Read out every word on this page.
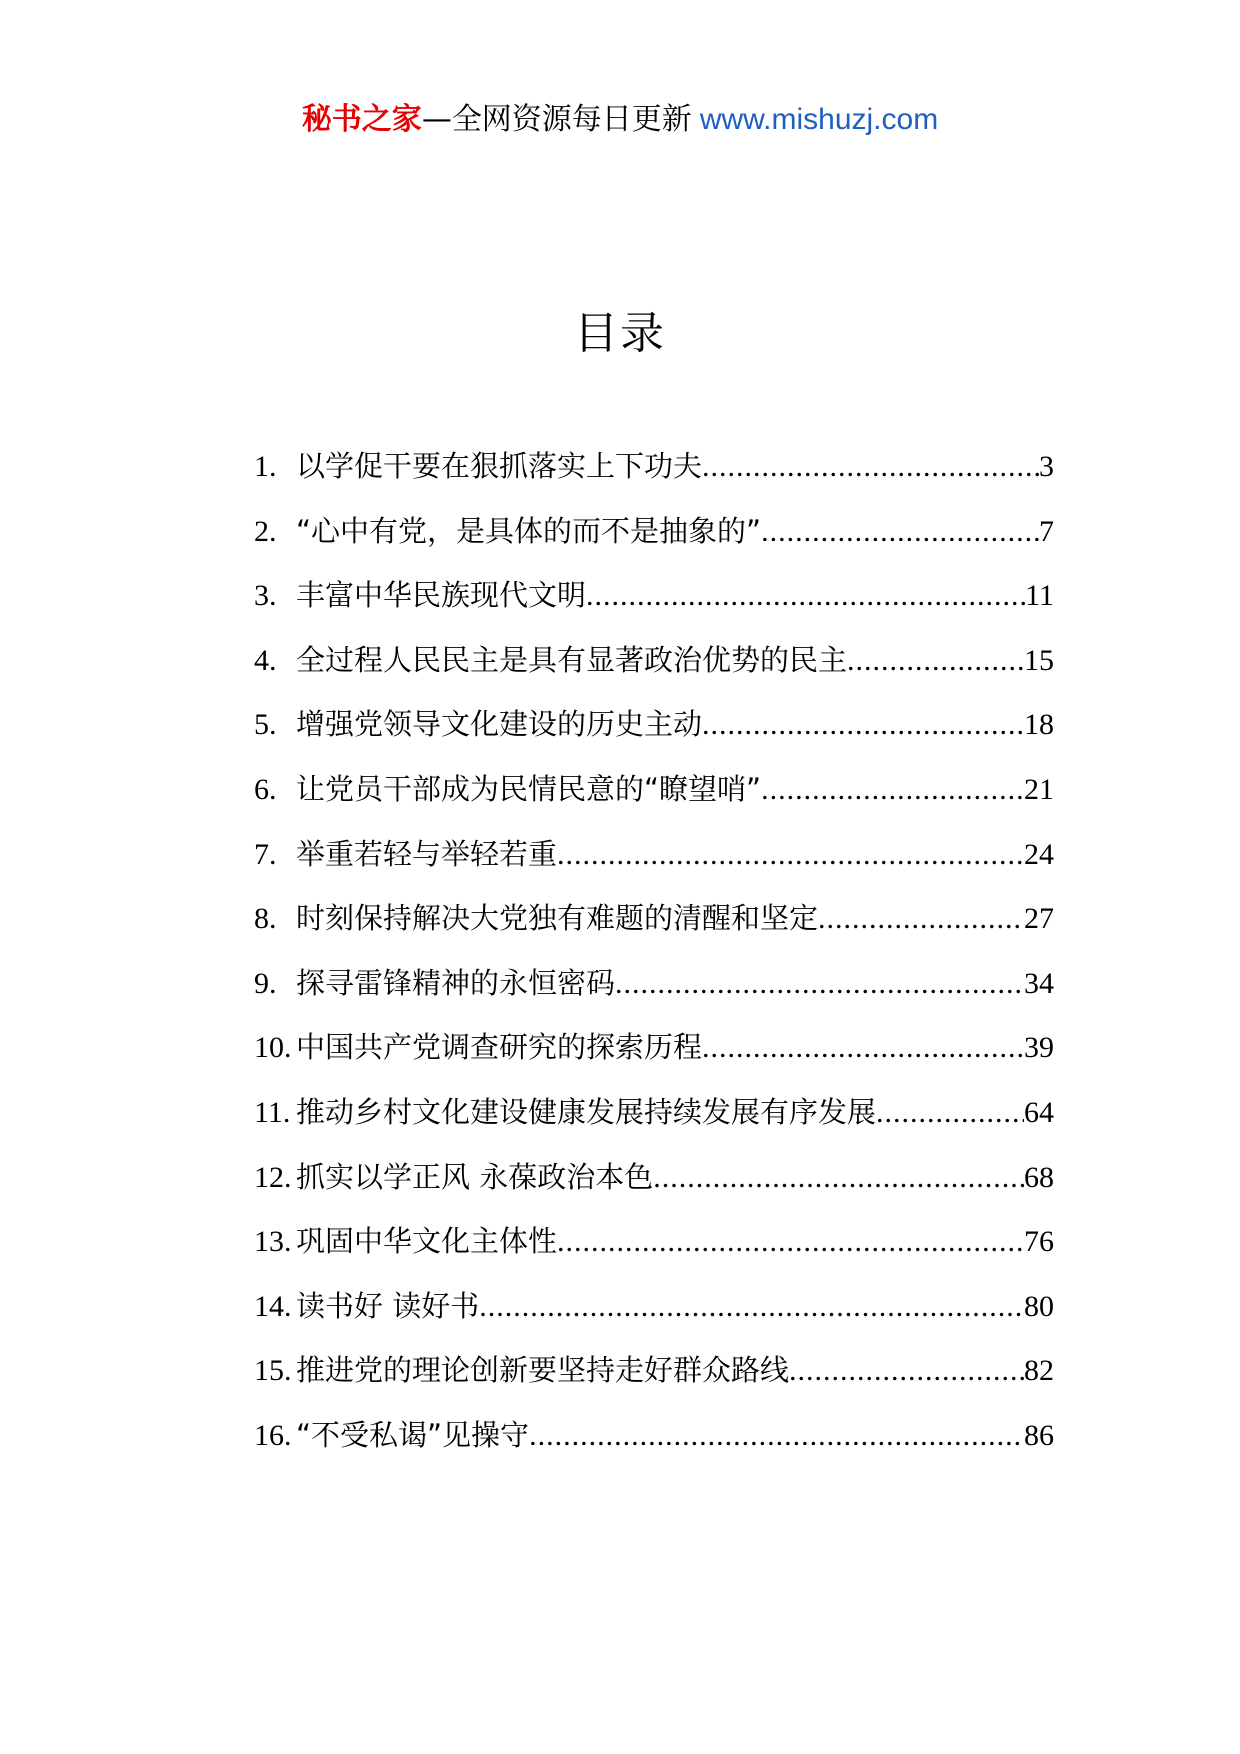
秘书之家—全网资源每日更新 www.mishuzj.com
目录
1. 以学促干要在狠抓落实上下功夫 .....	3
2. “心中有党，是具体的而不是抽象的” .....	7
3. 丰富中华民族现代文明 .....	11
4. 全过程人民民主是具有显著政治优势的民主 .....	15
5. 增强党领导文化建设的历史主动 .....	18
6. 让党员干部成为民情民意的“瞭望哨” .....	21
7. 举重若轻与举轻若重 .....	24
8. 时刻保持解决大党独有难题的清醒和坚定 .....	27
9. 探寻雷锋精神的永恒密码 .....	34
10. 中国共产党调查研究的探索历程 .....	39
11. 推动乡村文化建设健康发展持续发展有序发展 .....	64
12. 抓实以学正风 永葆政治本色 .....	68
13. 巩固中华文化主体性 .....	76
14. 读书好 读好书 .....	80
15. 推进党的理论创新要坚持走好群众路线 .....	82
16. “不受私谒”见操守 .....	86
